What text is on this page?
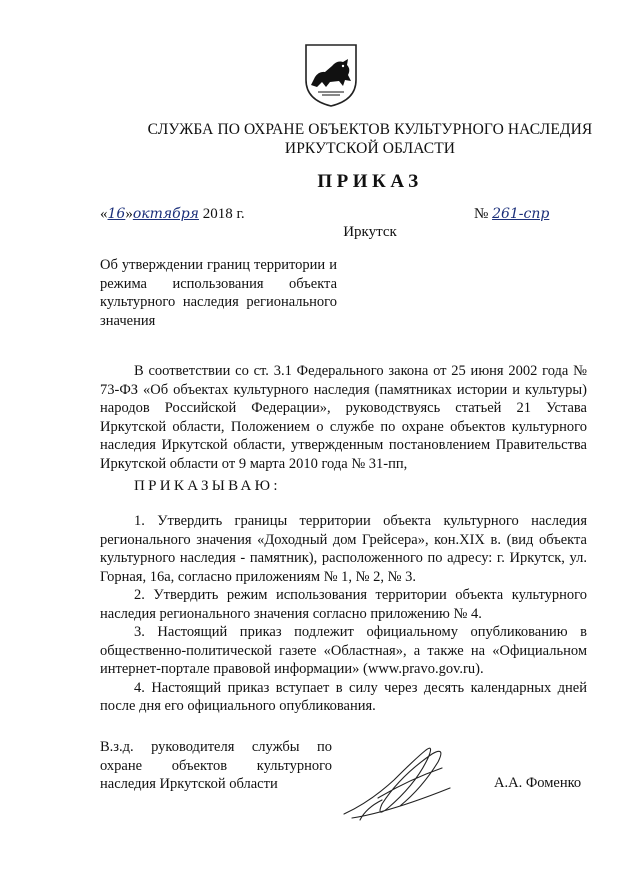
СЛУЖБА ПО ОХРАНЕ ОБЪЕКТОВ КУЛЬТУРНОГО НАСЛЕДИЯ
ИРКУТСКОЙ ОБЛАСТИ
ПРИКАЗ
«16»октября 2018 г.	№ 261-спр
Иркутск
Об утверждении границ территории и режима использования объекта культурного наследия регионального значения

В соответствии со ст. 3.1 Федерального закона от 25 июня 2002 года № 73-ФЗ «Об объектах культурного наследия (памятниках истории и культуры) народов Российской Федерации», руководствуясь статьей 21 Устава Иркутской области, Положением о службе по охране объектов культурного наследия Иркутской области, утвержденным постановлением Правительства Иркутской области от 9 марта 2010 года № 31-пп,

ПРИКАЗЫВАЮ:

1. Утвердить границы территории объекта культурного наследия регионального значения «Доходный дом Грейсера», кон.XIX в. (вид объекта культурного наследия - памятник), расположенного по адресу: г. Иркутск, ул. Горная, 16а, согласно приложениям № 1, № 2, № 3.

2. Утвердить режим использования территории объекта культурного наследия регионального значения согласно приложению № 4.

3. Настоящий приказ подлежит официальному опубликованию в общественно-политической газете «Областная», а также на «Официальном интернет-портале правовой информации» (www.pravo.gov.ru).

4. Настоящий приказ вступает в силу через десять календарных дней после дня его официального опубликования.

В.з.д. руководителя службы по охране объектов культурного наследия Иркутской области	А.А. Фоменко
